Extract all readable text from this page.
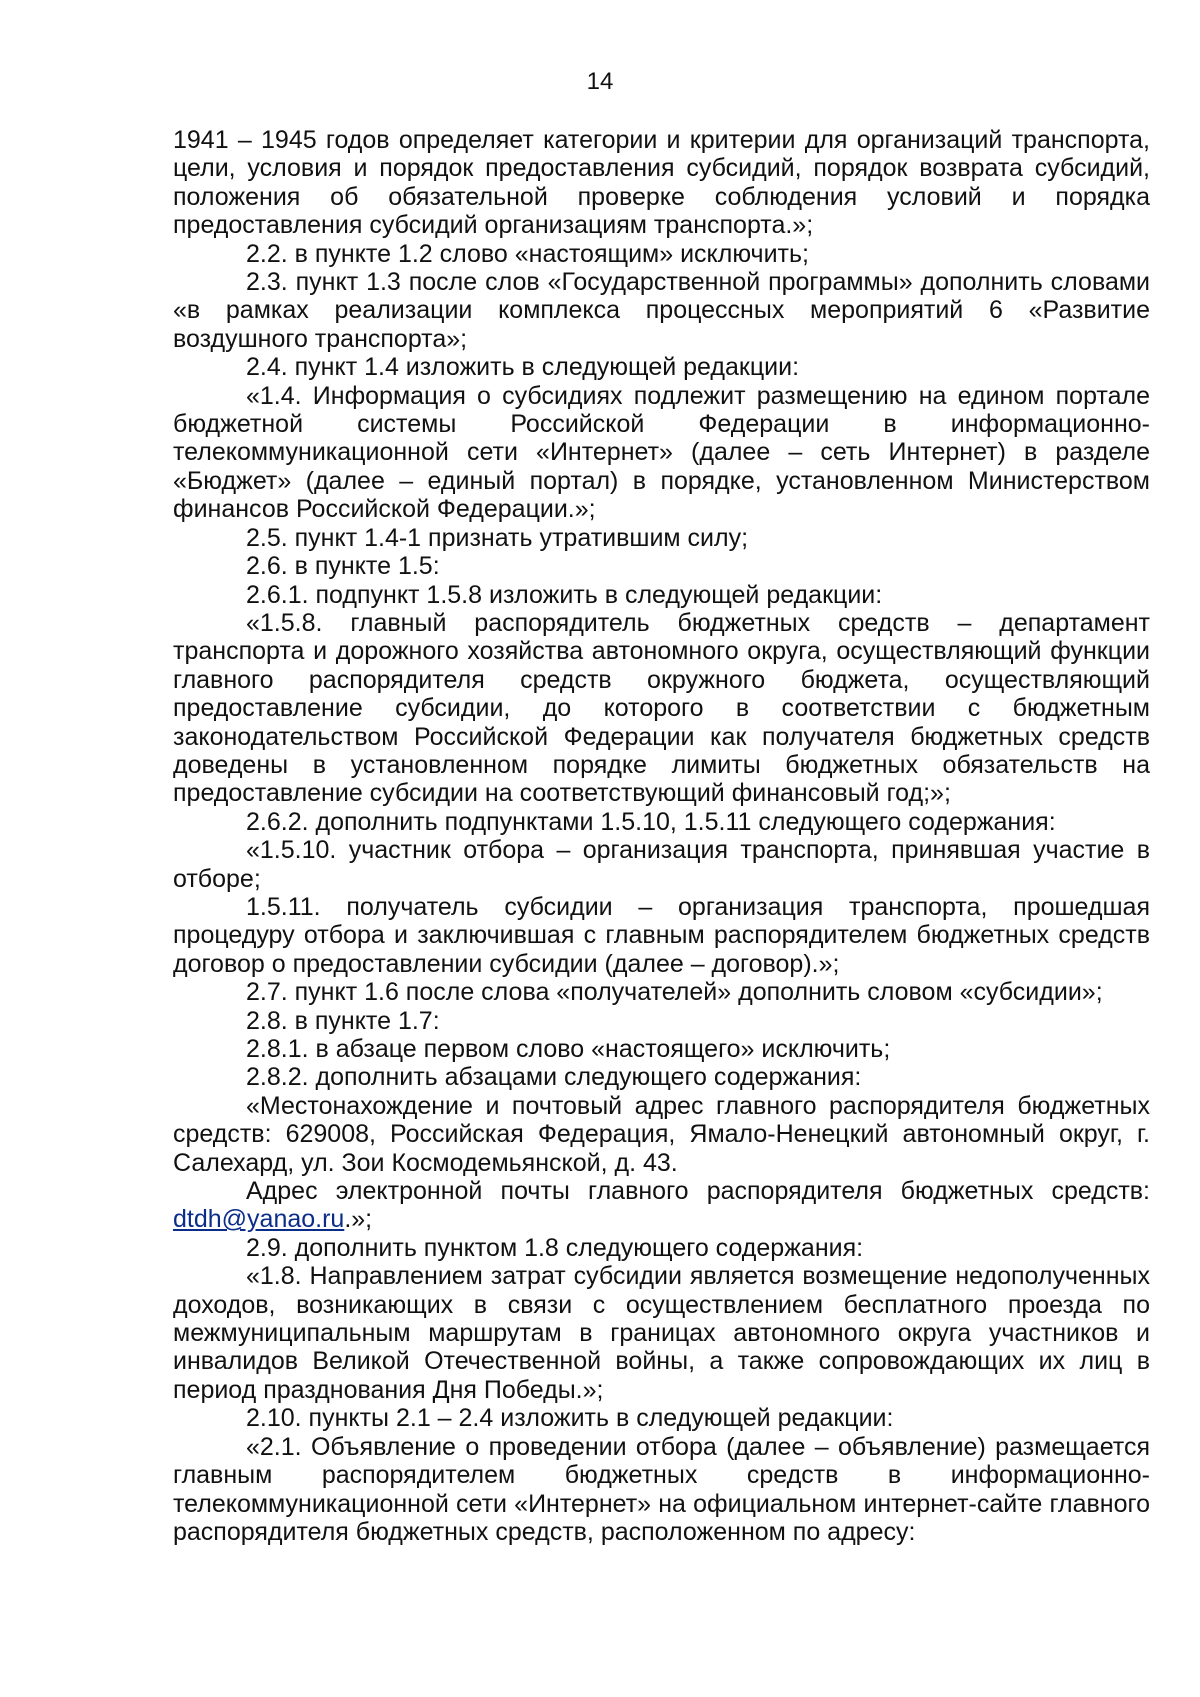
14

1941 – 1945 годов определяет категории и критерии для организаций транспорта, цели, условия и порядок предоставления субсидий, порядок возврата субсидий, положения об обязательной проверке соблюдения условий и порядка предоставления субсидий организациям транспорта.»;

2.2. в пункте 1.2 слово «настоящим» исключить;

2.3. пункт 1.3 после слов «Государственной программы» дополнить словами «в рамках реализации комплекса процессных мероприятий 6 «Развитие воздушного транспорта»;

2.4. пункт 1.4 изложить в следующей редакции:

«1.4. Информация о субсидиях подлежит размещению на едином портале бюджетной системы Российской Федерации в информационно-телекоммуникационной сети «Интернет» (далее – сеть Интернет) в разделе «Бюджет» (далее – единый портал) в порядке, установленном Министерством финансов Российской Федерации.»;

2.5. пункт 1.4-1 признать утратившим силу;

2.6. в пункте 1.5:

2.6.1. подпункт 1.5.8 изложить в следующей редакции:

«1.5.8. главный распорядитель бюджетных средств – департамент транспорта и дорожного хозяйства автономного округа, осуществляющий функции главного распорядителя средств окружного бюджета, осуществляющий предоставление субсидии, до которого в соответствии с бюджетным законодательством Российской Федерации как получателя бюджетных средств доведены в установленном порядке лимиты бюджетных обязательств на предоставление субсидии на соответствующий финансовый год;»;

2.6.2. дополнить подпунктами 1.5.10, 1.5.11 следующего содержания:

«1.5.10. участник отбора – организация транспорта, принявшая участие в отборе;

1.5.11. получатель субсидии – организация транспорта, прошедшая процедуру отбора и заключившая с главным распорядителем бюджетных средств договор о предоставлении субсидии (далее – договор).»;

2.7. пункт 1.6 после слова «получателей» дополнить словом «субсидии»;

2.8. в пункте 1.7:

2.8.1. в абзаце первом слово «настоящего» исключить;

2.8.2. дополнить абзацами следующего содержания:

«Местонахождение и почтовый адрес главного распорядителя бюджетных средств: 629008, Российская Федерация, Ямало-Ненецкий автономный округ, г. Салехард, ул. Зои Космодемьянской, д. 43.

Адрес электронной почты главного распорядителя бюджетных средств: dtdh@yanao.ru.»;

2.9. дополнить пунктом 1.8 следующего содержания:

«1.8. Направлением затрат субсидии является возмещение недополученных доходов, возникающих в связи с осуществлением бесплатного проезда по межмуниципальным маршрутам в границах автономного округа участников и инвалидов Великой Отечественной войны, а также сопровождающих их лиц в период празднования Дня Победы.»;

2.10. пункты 2.1 – 2.4 изложить в следующей редакции:

«2.1. Объявление о проведении отбора (далее – объявление) размещается главным распорядителем бюджетных средств в информационно-телекоммуникационной сети «Интернет» на официальном интернет-сайте главного распорядителя бюджетных средств, расположенном по адресу:
